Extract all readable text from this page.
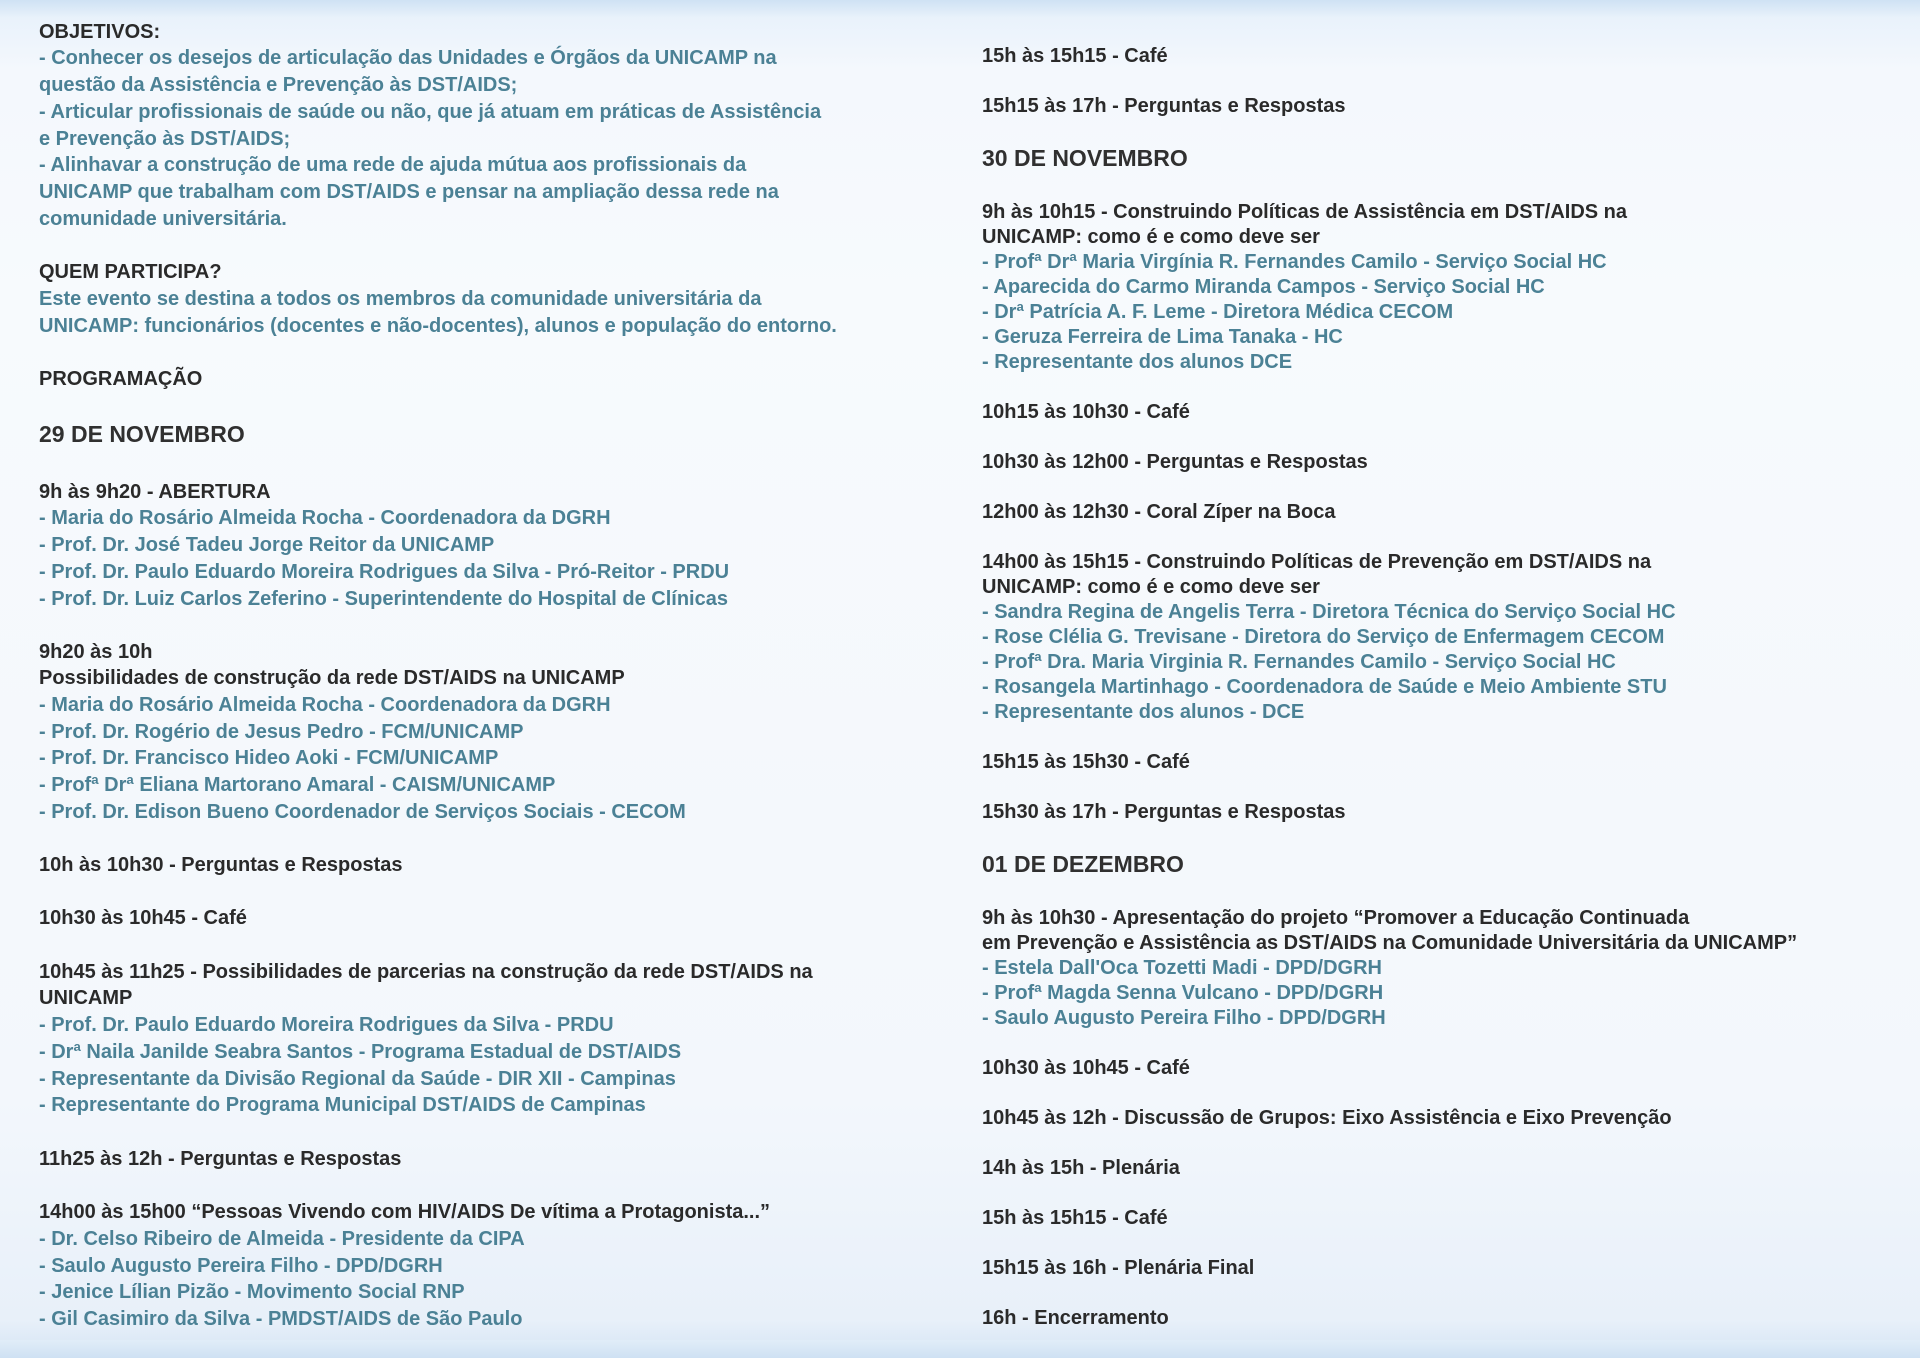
OBJETIVOS:
- Conhecer os desejos de articulação das Unidades e Órgãos da UNICAMP na
questão da Assistência e Prevenção às DST/AIDS;
- Articular profissionais de saúde ou não, que já atuam em práticas de Assistência
e Prevenção às DST/AIDS;
- Alinhavar a construção de uma rede de ajuda mútua aos profissionais da
UNICAMP que trabalham com DST/AIDS e pensar na ampliação dessa rede na
comunidade universitária.
QUEM PARTICIPA?
Este evento se destina a todos os membros da comunidade universitária da
UNICAMP: funcionários (docentes e não-docentes), alunos e população do entorno.
PROGRAMAÇÃO
29 DE NOVEMBRO
9h às 9h20 - ABERTURA
- Maria do Rosário Almeida Rocha - Coordenadora da DGRH
- Prof. Dr. José Tadeu Jorge Reitor da UNICAMP
- Prof. Dr. Paulo Eduardo Moreira Rodrigues da Silva - Pró-Reitor - PRDU
- Prof. Dr. Luiz Carlos Zeferino - Superintendente do Hospital de Clínicas
9h20 às 10h
Possibilidades de construção da rede DST/AIDS na UNICAMP
- Maria do Rosário Almeida Rocha - Coordenadora da DGRH
- Prof. Dr. Rogério de Jesus Pedro - FCM/UNICAMP
- Prof. Dr. Francisco Hideo Aoki - FCM/UNICAMP
- Profª Drª Eliana Martorano Amaral - CAISM/UNICAMP
- Prof. Dr. Edison Bueno Coordenador de Serviços Sociais - CECOM
10h às 10h30 - Perguntas e Respostas
10h30 às 10h45 - Café
10h45 às 11h25 - Possibilidades de parcerias na construção da rede DST/AIDS na
UNICAMP
- Prof. Dr. Paulo Eduardo Moreira Rodrigues da Silva - PRDU
- Drª Naila Janilde Seabra Santos - Programa Estadual de DST/AIDS
- Representante da Divisão Regional da Saúde - DIR XII - Campinas
- Representante do Programa Municipal DST/AIDS de Campinas
11h25 às 12h - Perguntas e Respostas
14h00 às 15h00 “Pessoas Vivendo com HIV/AIDS De vítima a Protagonista...”
- Dr. Celso Ribeiro de Almeida - Presidente da CIPA
- Saulo Augusto Pereira Filho - DPD/DGRH
- Jenice Lílian Pizão - Movimento Social RNP
- Gil Casimiro da Silva - PMDST/AIDS de São Paulo
15h às 15h15 - Café
15h15 às 17h - Perguntas e Respostas
30 DE NOVEMBRO
9h às 10h15 - Construindo Políticas de Assistência em DST/AIDS na
UNICAMP: como é e como deve ser
- Profª Drª Maria Virgínia R. Fernandes Camilo - Serviço Social HC
- Aparecida do Carmo Miranda Campos - Serviço Social HC
- Drª Patrícia A. F. Leme - Diretora Médica CECOM
- Geruza Ferreira de Lima Tanaka - HC
- Representante dos alunos DCE
10h15 às 10h30 - Café
10h30 às 12h00 - Perguntas e Respostas
12h00 às 12h30 - Coral Zíper na Boca
14h00 às 15h15 - Construindo Políticas de Prevenção em DST/AIDS na
UNICAMP: como é e como deve ser
- Sandra Regina de Angelis Terra - Diretora Técnica do Serviço Social HC
- Rose Clélia G. Trevisane - Diretora do Serviço de Enfermagem CECOM
- Profª Dra. Maria Virginia R. Fernandes Camilo - Serviço Social HC
- Rosangela Martinhago - Coordenadora de Saúde e Meio Ambiente STU
- Representante dos alunos - DCE
15h15 às 15h30 - Café
15h30 às 17h - Perguntas e Respostas
01 DE DEZEMBRO
9h às 10h30 - Apresentação do projeto “Promover a Educação Continuada
em Prevenção e Assistência as DST/AIDS na Comunidade Universitária da UNICAMP”
- Estela Dall'Oca Tozetti Madi - DPD/DGRH
- Profª Magda Senna Vulcano - DPD/DGRH
- Saulo Augusto Pereira Filho - DPD/DGRH
10h30 às 10h45 - Café
10h45 às 12h - Discussão de Grupos: Eixo Assistência e Eixo Prevenção
14h às 15h - Plenária
15h às 15h15 - Café
15h15 às 16h - Plenária Final
16h - Encerramento
